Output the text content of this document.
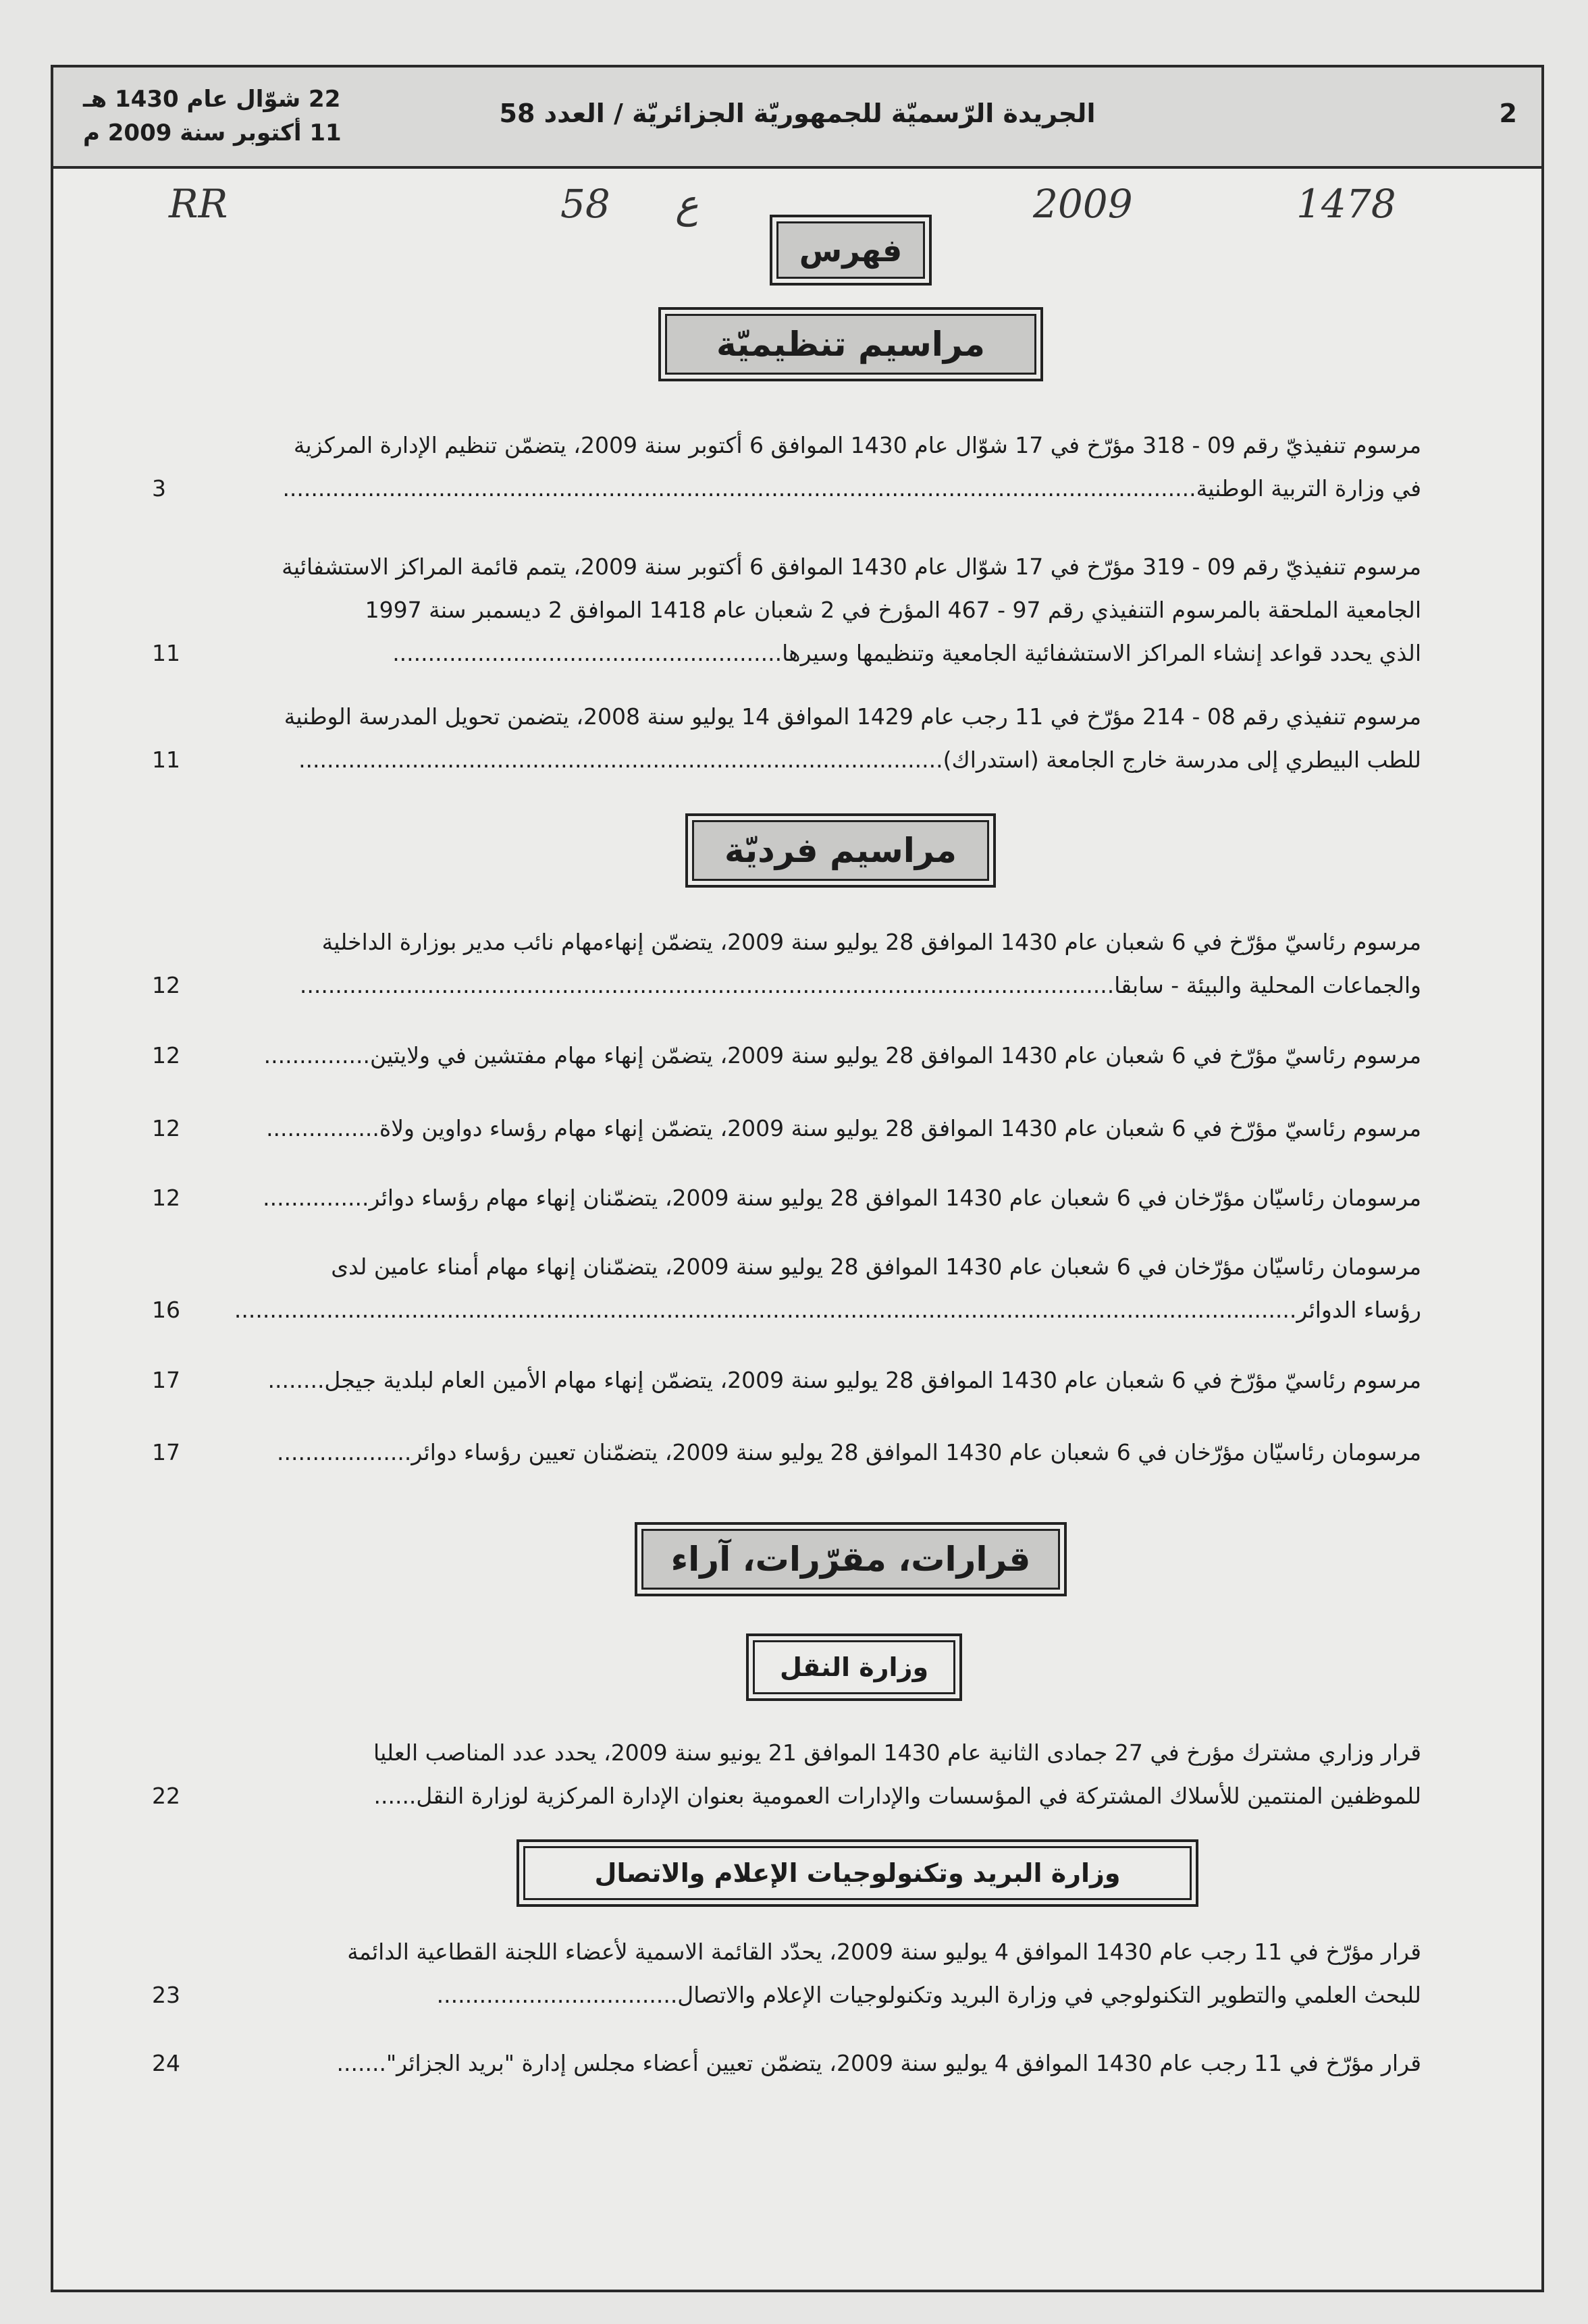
2
الجريدة الرّسميّة للجمهوريّة الجزائريّة / العدد 58
22 شوّال عام 1430 هـ
11 أكتوبر سنة 2009 م
RR	58 ع	2009	1478
فهرس
مراسيم تنظيميّة
مرسوم تنفيذيّ رقم 09 - 318 مؤرّخ في 17 شوّال عام 1430 الموافق 6 أكتوبر سنة 2009، يتضمّن تنظيم الإدارة المركزية
في وزارة التربية الوطنية.................................................................................................................................
3
مرسوم تنفيذيّ رقم 09 - 319 مؤرّخ في 17 شوّال عام 1430 الموافق 6 أكتوبر سنة 2009، يتمم قائمة المراكز الاستشفائية
الجامعية الملحقة بالمرسوم التنفيذي رقم 97 - 467 المؤرخ في 2 شعبان عام 1418 الموافق 2 ديسمبر سنة 1997
الذي يحدد قواعد إنشاء المراكز الاستشفائية الجامعية وتنظيمها وسيرها.......................................................
11
مرسوم تنفيذي رقم 08 - 214 مؤرّخ في 11 رجب عام 1429 الموافق 14 يوليو سنة 2008، يتضمن تحويل المدرسة الوطنية
للطب البيطري إلى مدرسة خارج الجامعة (استدراك)...........................................................................................
11
مراسيم فرديّة
مرسوم رئاسيّ مؤرّخ في 6 شعبان عام 1430 الموافق 28 يوليو سنة 2009، يتضمّن إنهاءمهام نائب مدير بوزارة الداخلية
والجماعات المحلية والبيئة - سابقا...................................................................................................................
12
مرسوم رئاسيّ مؤرّخ في 6 شعبان عام 1430 الموافق 28 يوليو سنة 2009، يتضمّن إنهاء مهام مفتشين في ولايتين...............
12
مرسوم رئاسيّ مؤرّخ في 6 شعبان عام 1430 الموافق 28 يوليو سنة 2009، يتضمّن إنهاء مهام رؤساء دواوين ولاة................
12
مرسومان رئاسيّان مؤرّخان في 6 شعبان عام 1430 الموافق 28 يوليو سنة 2009، يتضمّنان إنهاء مهام رؤساء دوائر...............
12
مرسومان رئاسيّان مؤرّخان في 6 شعبان عام 1430 الموافق 28 يوليو سنة 2009، يتضمّنان إنهاء مهام أمناء عامين لدى
رؤساء الدوائر......................................................................................................................................................
16
مرسوم رئاسيّ مؤرّخ في 6 شعبان عام 1430 الموافق 28 يوليو سنة 2009، يتضمّن إنهاء مهام الأمين العام لبلدية جيجل........
17
مرسومان رئاسيّان مؤرّخان في 6 شعبان عام 1430 الموافق 28 يوليو سنة 2009، يتضمّنان تعيين رؤساء دوائر...................
17
قرارات، مقرّرات، آراء
وزارة النقل
قرار وزاري مشترك مؤرخ في 27 جمادى الثانية عام 1430 الموافق 21 يونيو سنة 2009، يحدد عدد المناصب العليا
للموظفين المنتمين للأسلاك المشتركة في المؤسسات والإدارات العمومية بعنوان الإدارة المركزية لوزارة النقل......
22
وزارة البريد وتكنولوجيات الإعلام والاتصال
قرار مؤرّخ في 11 رجب عام 1430 الموافق 4 يوليو سنة 2009، يحدّد القائمة الاسمية لأعضاء اللجنة القطاعية الدائمة
للبحث العلمي والتطوير التكنولوجي في وزارة البريد وتكنولوجيات الإعلام والاتصال..................................
23
قرار مؤرّخ في 11 رجب عام 1430 الموافق 4 يوليو سنة 2009، يتضمّن تعيين أعضاء مجلس إدارة "بريد الجزائر".......
24
